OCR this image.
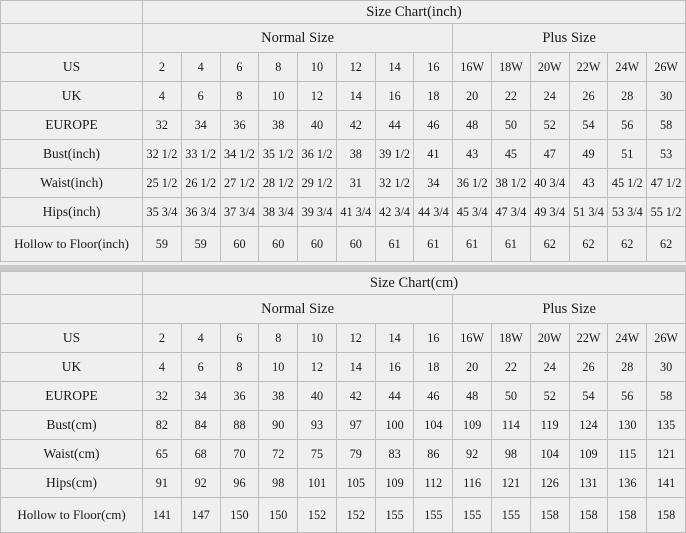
	Size Chart(inch)													
	Normal Size								Plus Size					
US	2	4	6	8	10	12	14	16	16W	18W	20W	22W	24W	26W
UK	4	6	8	10	12	14	16	18	20	22	24	26	28	30
EUROPE	32	34	36	38	40	42	44	46	48	50	52	54	56	58
Bust(inch)	32 1/2	33 1/2	34 1/2	35 1/2	36 1/2	38	39 1/2	41	43	45	47	49	51	53
Waist(inch)	25 1/2	26 1/2	27 1/2	28 1/2	29 1/2	31	32 1/2	34	36 1/2	38 1/2	40 3/4	43	45 1/2	47 1/2
Hips(inch)	35 3/4	36 3/4	37 3/4	38 3/4	39 3/4	41 3/4	42 3/4	44 3/4	45 3/4	47 3/4	49 3/4	51 3/4	53 3/4	55 1/2
Hollow to Floor(inch)	59	59	60	60	60	60	61	61	61	61	62	62	62	62
	Size Chart(cm)													
	Normal Size								Plus Size					
US	2	4	6	8	10	12	14	16	16W	18W	20W	22W	24W	26W
UK	4	6	8	10	12	14	16	18	20	22	24	26	28	30
EUROPE	32	34	36	38	40	42	44	46	48	50	52	54	56	58
Bust(cm)	82	84	88	90	93	97	100	104	109	114	119	124	130	135
Waist(cm)	65	68	70	72	75	79	83	86	92	98	104	109	115	121
Hips(cm)	91	92	96	98	101	105	109	112	116	121	126	131	136	141
Hollow to Floor(cm)	141	147	150	150	152	152	155	155	155	155	158	158	158	158
